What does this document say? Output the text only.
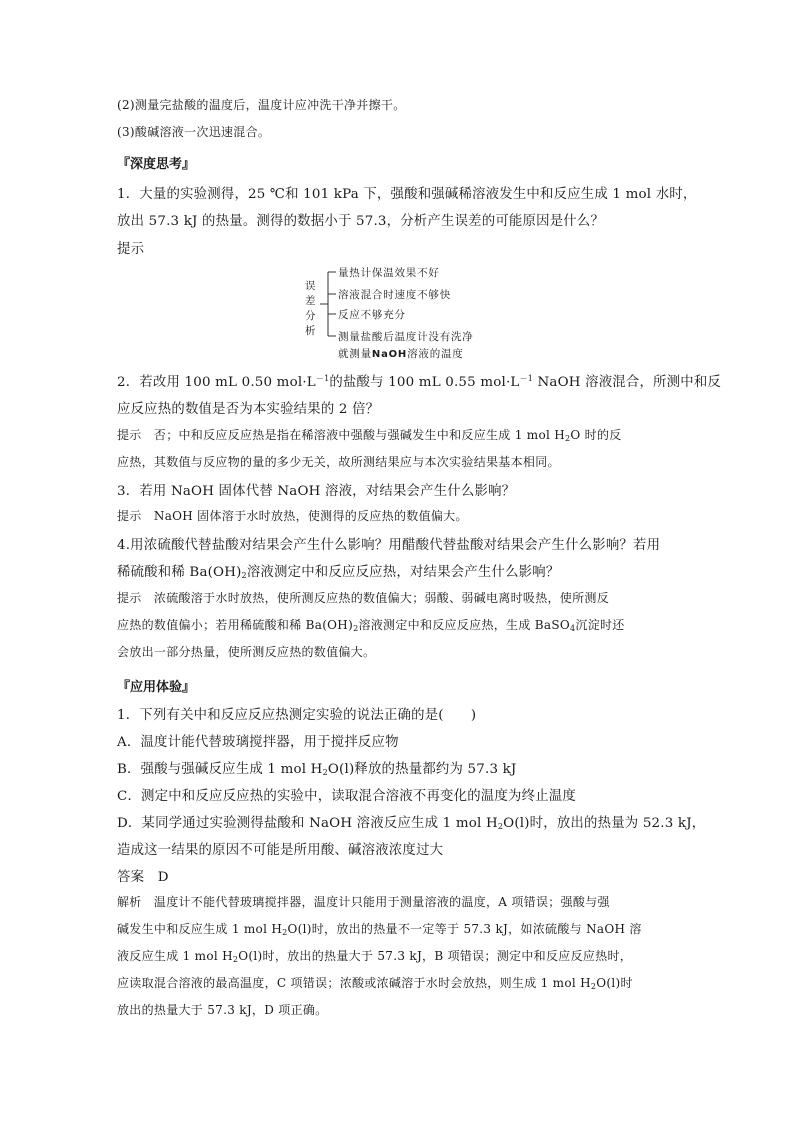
(2)测量完盐酸的温度后，温度计应冲洗干净并擦干。
(3)酸碱溶液一次迅速混合。
『深度思考』
1．大量的实验测得，25 ℃和 101 kPa 下，强酸和强碱稀溶液发生中和反应生成 1 mol 水时，
放出 57.3 kJ 的热量。测得的数据小于 57.3，分析产生误差的可能原因是什么？
提示
误
差
分
析
量热计保温效果不好
溶液混合时速度不够快
反应不够充分
测量盐酸后温度计没有洗净
就测量NaOH溶液的温度
2．若改用 100 mL 0.50 $mol\cdot L^{-1}$的盐酸与 100 mL 0.55 $mol\cdot L^{-1}$ NaOH 溶液混合，所测中和反
应反应热的数值是否为本实验结果的 2 倍？
提示　否；中和反应反应热是指在稀溶液中强酸与强碱发生中和反应生成 1 mol $H_2O$ 时的反
应热，其数值与反应物的量的多少无关，故所测结果应与本次实验结果基本相同。
3．若用 NaOH 固体代替 NaOH 溶液，对结果会产生什么影响？
提示　NaOH 固体溶于水时放热，使测得的反应热的数值偏大。
4.用浓硫酸代替盐酸对结果会产生什么影响？用醋酸代替盐酸对结果会产生什么影响？若用
稀硫酸和稀 $Ba(OH)_2$溶液测定中和反应反应热，对结果会产生什么影响？
提示　浓硫酸溶于水时放热，使所测反应热的数值偏大；弱酸、弱碱电离时吸热，使所测反
应热的数值偏小；若用稀硫酸和稀 $Ba(OH)_2$溶液测定中和反应反应热，生成 BaSO$_4$沉淀时还
会放出一部分热量，使所测反应热的数值偏大。
『应用体验』
1．下列有关中和反应反应热测定实验的说法正确的是(　　)
A．温度计能代替玻璃搅拌器，用于搅拌反应物
B．强酸与强碱反应生成 1 mol $H_2O(l)$释放的热量都约为 57.3 kJ
C．测定中和反应反应热的实验中，读取混合溶液不再变化的温度为终止温度
D．某同学通过实验测得盐酸和 NaOH 溶液反应生成 1 mol $H_2O(l)$时，放出的热量为 52.3 kJ，
造成这一结果的原因不可能是所用酸、碱溶液浓度过大
答案　D
解析　温度计不能代替玻璃搅拌器，温度计只能用于测量溶液的温度，A 项错误；强酸与强
碱发生中和反应生成 1 mol $H_2O(l)$时，放出的热量不一定等于 57.3 kJ，如浓硫酸与 NaOH 溶
液反应生成 1 mol $H_2O(l)$时，放出的热量大于 57.3 kJ，B 项错误；测定中和反应反应热时，
应读取混合溶液的最高温度，C 项错误；浓酸或浓碱溶于水时会放热，则生成 1 mol $H_2O(l)$时
放出的热量大于 57.3 kJ，D 项正确。
